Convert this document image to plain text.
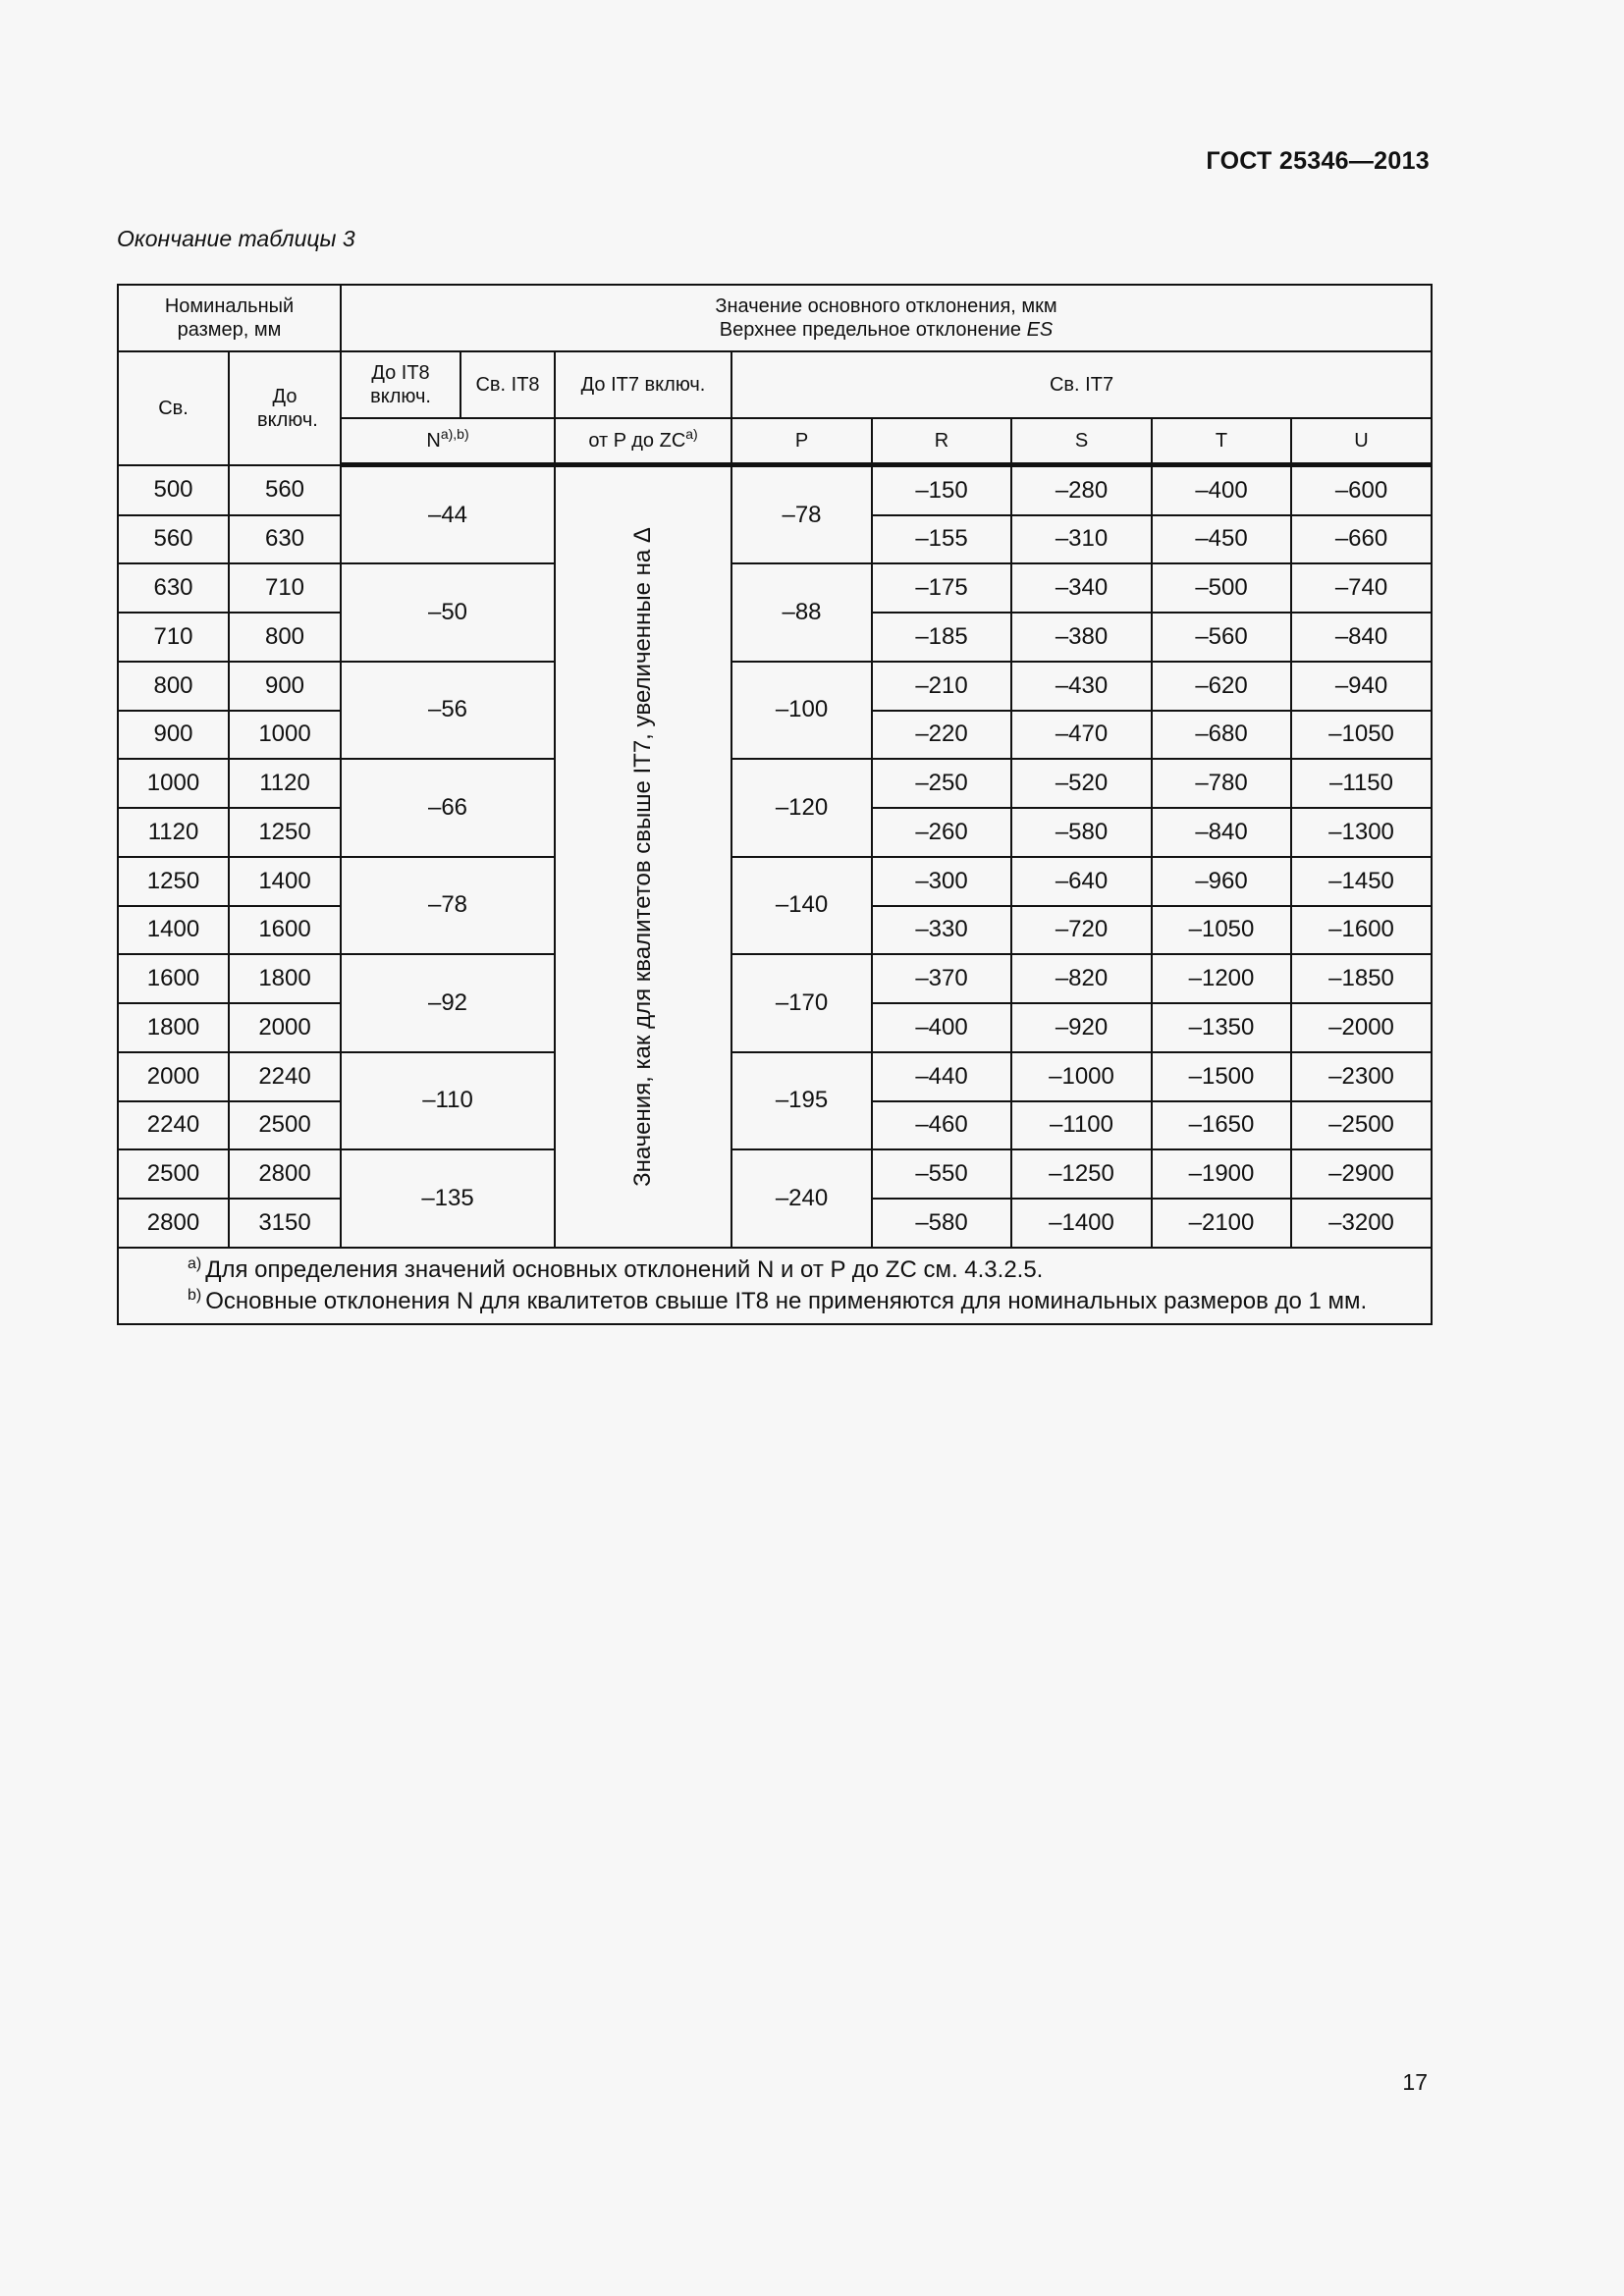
ГОСТ 25346—2013
Окончание таблицы 3
Номинальный размер, мм		Значение основного отклонения, мкм
Верхнее предельное отклонение ES							
Св.	До включ.	До IT8 включ.	Св. IT8	До IT7 включ.	Св. IT7				
		$N^{a),b)}$		от P до ZC$^{a)}$	P	R	S	T	U
500	560	–44		Значения, как для квалитетов свыше IT7, увеличенные на Δ	–78	–150	–280	–400	–600
560	630					–155	–310	–450	–660
630	710	–50			–88	–175	–340	–500	–740
710	800					–185	–380	–560	–840
800	900	–56			–100	–210	–430	–620	–940
900	1000					–220	–470	–680	–1050
1000	1120	–66			–120	–250	–520	–780	–1150
1120	1250					–260	–580	–840	–1300
1250	1400	–78			–140	–300	–640	–960	–1450
1400	1600					–330	–720	–1050	–1600
1600	1800	–92			–170	–370	–820	–1200	–1850
1800	2000					–400	–920	–1350	–2000
2000	2240	–110			–195	–440	–1000	–1500	–2300
2240	2500					–460	–1100	–1650	–2500
2500	2800	–135			–240	–550	–1250	–1900	–2900
2800	3150					–580	–1400	–2100	–3200

$^{a)}$ Для определения значений основных отклонений N и от P до ZC см. 4.3.2.5.
$^{b)}$ Основные отклонения N для квалитетов свыше IT8 не применяются для номинальных размеров до 1 мм.									
17
